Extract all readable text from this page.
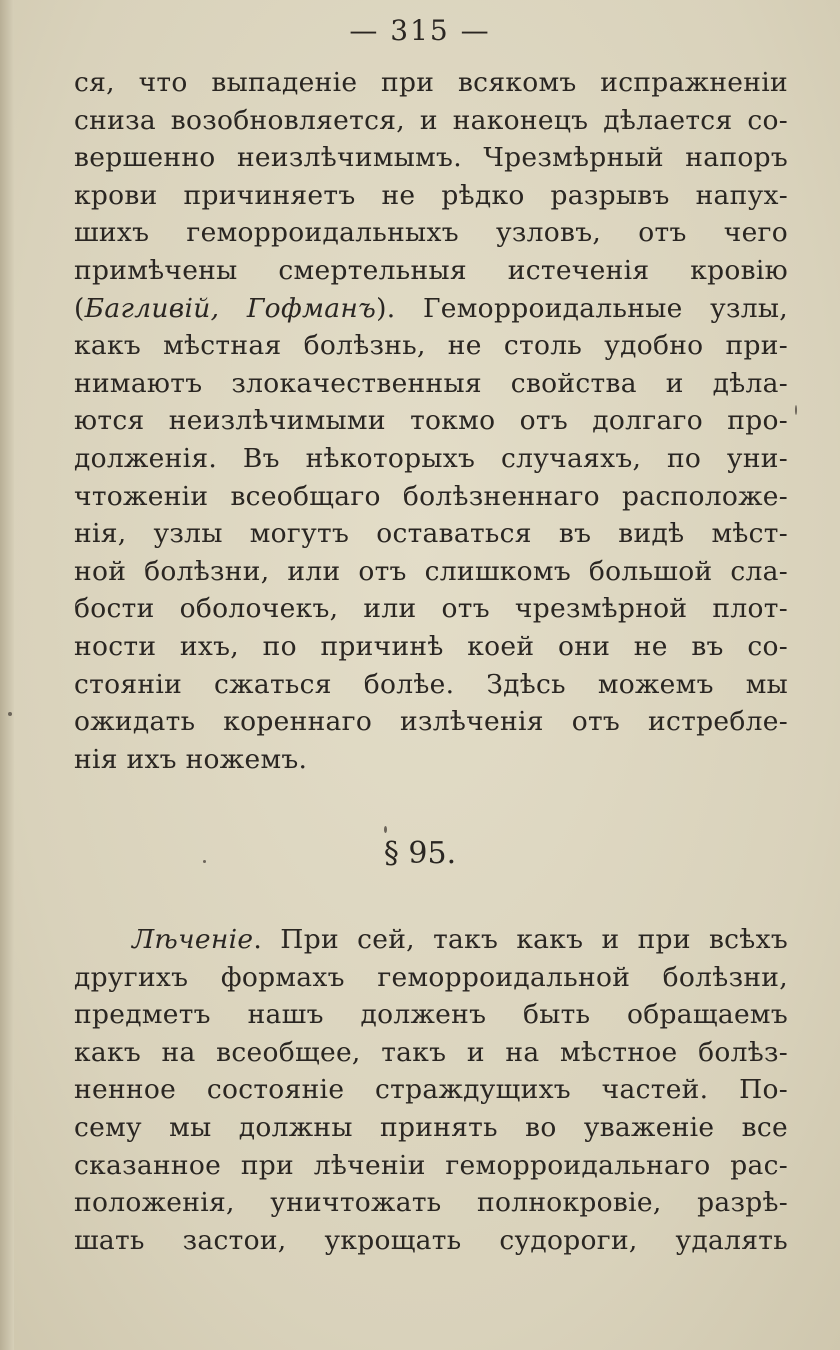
— 315 —
ся, что выпаденіе при всякомъ испражненіи
сниза возобновляется, и наконецъ дѣлается со-
вершенно неизлѣчимымъ. Чрезмѣрный напоръ
крови причиняетъ не рѣдко разрывъ напух-
шихъ геморроидальныхъ узловъ, отъ чего
примѣчены смертельныя истеченія кровію
(Багливій, Гофманъ). Геморроидальные узлы,
какъ мѣстная болѣзнь, не столь удобно при-
нимаютъ злокачественныя свойства и дѣла-
ются неизлѣчимыми токмо отъ долгаго про-
долженія. Въ нѣкоторыхъ случаяхъ, по уни-
чтоженіи всеобщаго болѣзненнаго расположе-
нія, узлы могутъ оставаться въ видѣ мѣст-
ной болѣзни, или отъ слишкомъ большой сла-
бости оболочекъ, или отъ чрезмѣрной плот-
ности ихъ, по причинѣ коей они не въ со-
стояніи сжаться болѣе. Здѣсь можемъ мы
ожидать кореннаго излѣченія отъ истребле-
нія ихъ ножемъ.
§ 95.
Лѣченіе. При сей, такъ какъ и при всѣхъ
другихъ формахъ геморроидальной болѣзни,
предметъ нашъ долженъ быть обращаемъ
какъ на всеобщее, такъ и на мѣстное болѣз-
ненное состояніе страждущихъ частей. По-
сему мы должны принять во уваженіе все
сказанное при лѣченіи геморроидальнаго рас-
положенія, уничтожать полнокровіе, разрѣ-
шать застои, укрощать судороги, удалять
